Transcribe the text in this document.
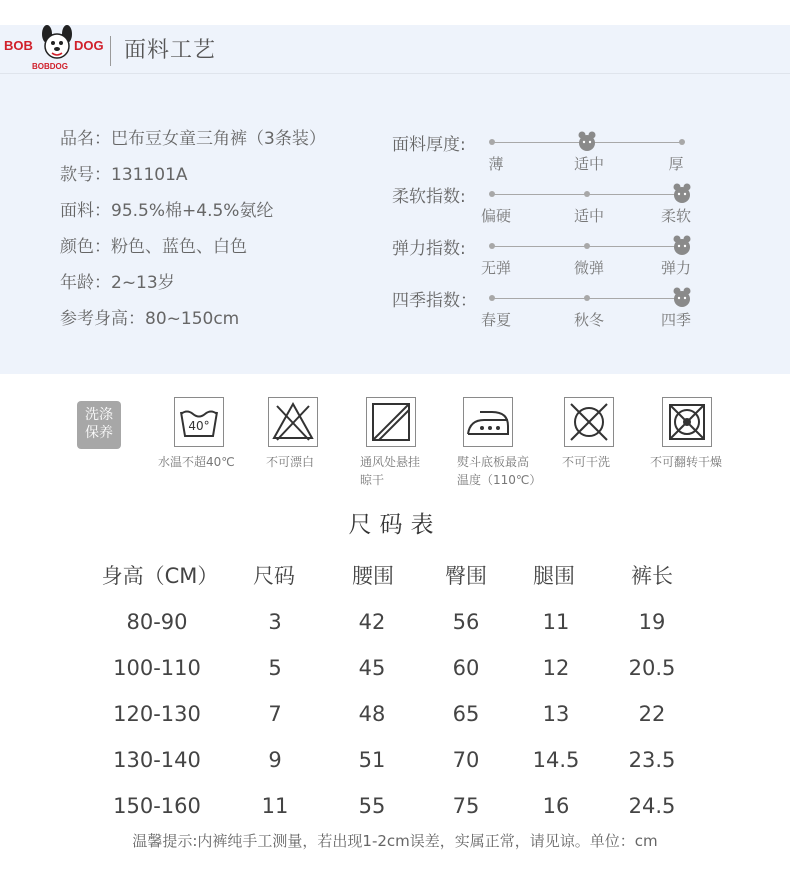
BOB	DOG
BOBDOG
面料工艺
品名：巴布豆女童三角裤（3条装）
款号：131101A
面料：95.5%棉+4.5%氨纶
颜色：粉色、蓝色、白色
年龄：2~13岁
参考身高：80~150cm
面料厚度:
薄	适中	厚
柔软指数:
偏硬	适中	柔软
弹力指数:
无弹	微弹	弹力
四季指数：
春夏	秋冬	四季
洗涤
保养	40°
水温不超40℃	不可漂白	通风处悬挂
晾干
熨斗底板最高
温度（110℃）
不可干洗	不可翻转干燥
尺码表
身高（CM）	尺码	腰围	臀围	腿围	裤长
80-90	3	42	56	11	19
100-110	5	45	60	12	20.5
120-130	7	48	65	13	22
130-140	9	51	70	14.5	23.5
150-160	11	55	75	16	24.5
温馨提示:内裤纯手工测量，若出现1-2cm误差，实属正常，请见谅。单位：cm
